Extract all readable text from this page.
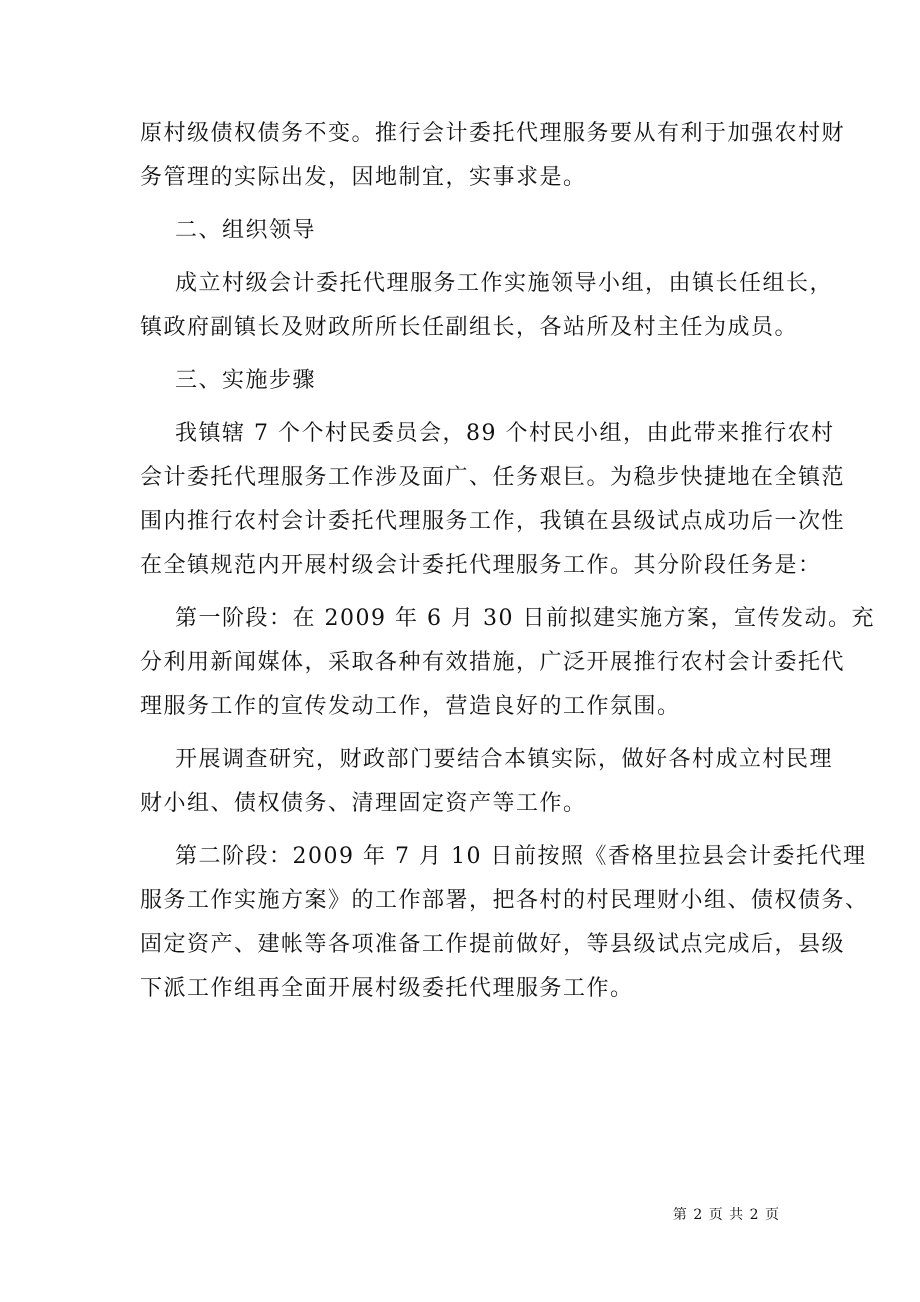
原村级债权债务不变。推行会计委托代理服务要从有利于加强农村财
务管理的实际出发，因地制宜，实事求是。
二、组织领导
成立村级会计委托代理服务工作实施领导小组，由镇长任组长，
镇政府副镇长及财政所所长任副组长，各站所及村主任为成员。
三、实施步骤
我镇辖 7 个个村民委员会，89 个村民小组，由此带来推行农村
会计委托代理服务工作涉及面广、任务艰巨。为稳步快捷地在全镇范
围内推行农村会计委托代理服务工作，我镇在县级试点成功后一次性
在全镇规范内开展村级会计委托代理服务工作。其分阶段任务是：
第一阶段：在 2009 年 6 月 30 日前拟建实施方案，宣传发动。充
分利用新闻媒体，采取各种有效措施，广泛开展推行农村会计委托代
理服务工作的宣传发动工作，营造良好的工作氛围。
开展调查研究，财政部门要结合本镇实际，做好各村成立村民理
财小组、债权债务、清理固定资产等工作。
第二阶段：2009 年 7 月 10 日前按照《香格里拉县会计委托代理
服务工作实施方案》的工作部署，把各村的村民理财小组、债权债务、
固定资产、建帐等各项准备工作提前做好，等县级试点完成后，县级
下派工作组再全面开展村级委托代理服务工作。
第 2 页 共 2 页
